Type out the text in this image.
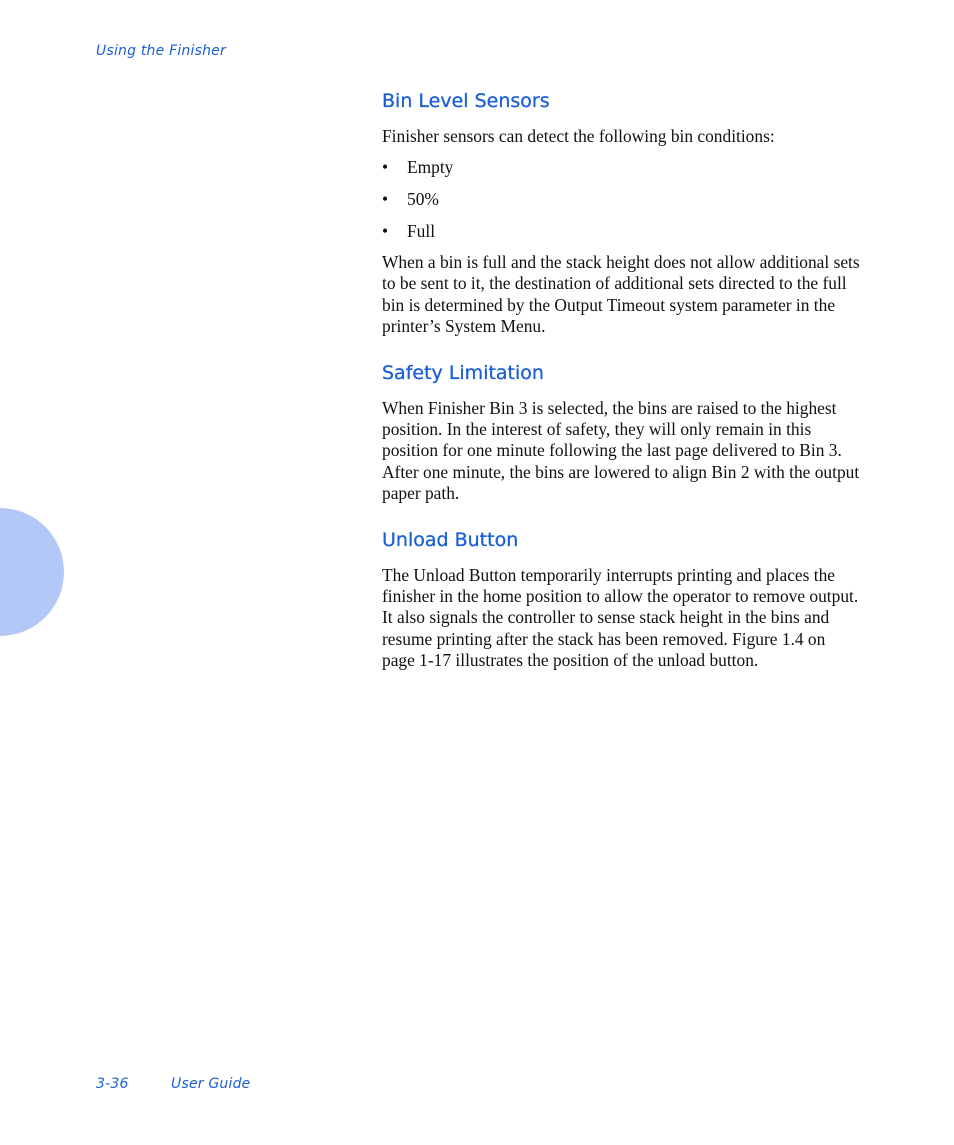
Using the Finisher
Bin Level Sensors

Finisher sensors can detect the following bin conditions:

• Empty
• 50%
• Full

When a bin is full and the stack height does not allow additional sets to be sent to it, the destination of additional sets directed to the full bin is determined by the Output Timeout system parameter in the printer’s System Menu.

Safety Limitation

When Finisher Bin 3 is selected, the bins are raised to the highest position. In the interest of safety, they will only remain in this position for one minute following the last page delivered to Bin 3. After one minute, the bins are lowered to align Bin 2 with the output paper path.

Unload Button

The Unload Button temporarily interrupts printing and places the finisher in the home position to allow the operator to remove output. It also signals the controller to sense stack height in the bins and resume printing after the stack has been removed. Figure 1.4 on page 1-17 illustrates the position of the unload button.

3-36	User Guide
